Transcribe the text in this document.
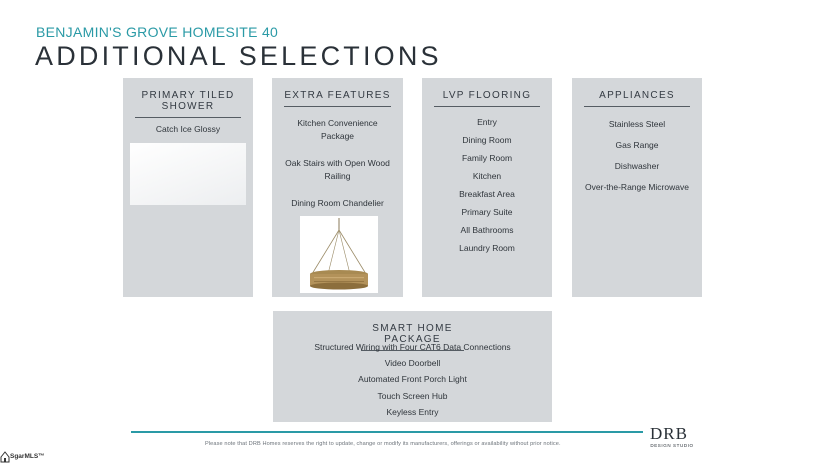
BENJAMIN'S GROVE HOMESITE 40
ADDITIONAL SELECTIONS
PRIMARY TILED SHOWER
Catch Ice Glossy
EXTRA FEATURES
Kitchen Convenience Package
Oak Stairs with Open Wood Railing
Dining Room Chandelier
LVP FLOORING
Entry
Dining Room
Family Room
Kitchen
Breakfast Area
Primary Suite
All Bathrooms
Laundry Room
APPLIANCES
Stainless Steel
Gas Range
Dishwasher
Over-the-Range Microwave
SMART HOME PACKAGE
Structured Wiring with Four CAT6 Data Connections
Video Doorbell
Automated Front Porch Light
Touch Screen Hub
Keyless Entry
Please note that DRB Homes reserves the right to update, change or modify its manufacturers, offerings or availability without prior notice.
DRB
DESIGN STUDIO
SgarMLS™
